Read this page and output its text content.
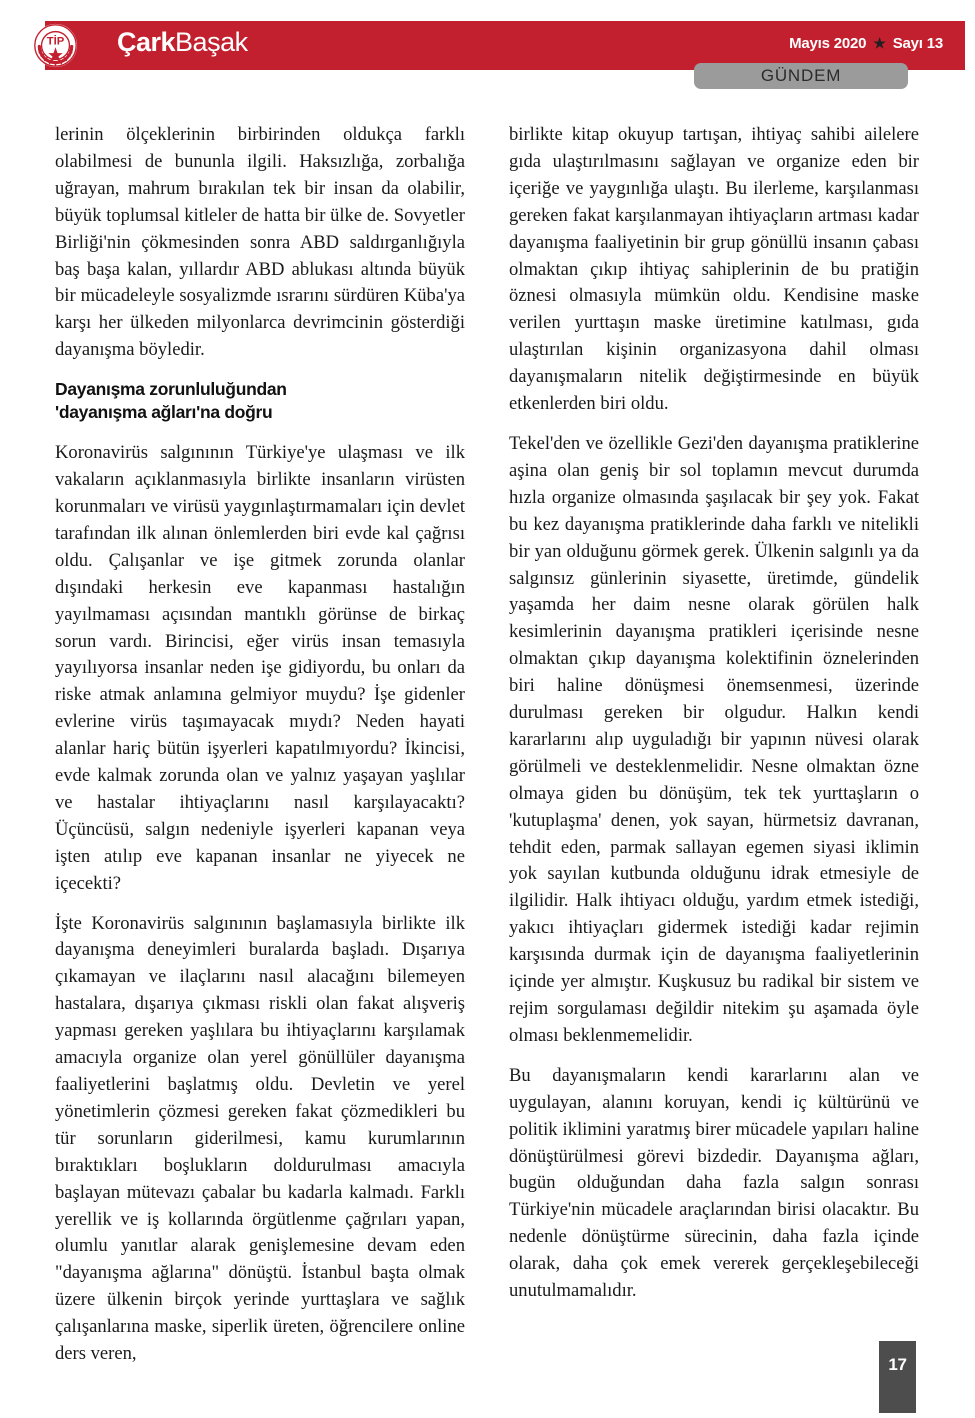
TİP ÇarkBaşak	Mayıs 2020 ★ Sayı 13
GÜNDEM

lerinin ölçeklerinin birbirinden oldukça farklı olabilmesi de bununla ilgili. Haksızlığa, zorbalığa uğrayan, mahrum bırakılan tek bir insan da olabilir, büyük toplumsal kitleler de hatta bir ülke de. Sovyetler Birliği'nin çökmesinden sonra ABD saldırganlığıyla baş başa kalan, yıllardır ABD ablukası altında büyük bir mücadeleyle sosyalizmde ısrarını sürdüren Küba'ya karşı her ülkeden milyonlarca devrimcinin gösterdiği dayanışma böyledir.

Dayanışma zorunluluğundan
'dayanışma ağları'na doğru

Koronavirüs salgınının Türkiye'ye ulaşması ve ilk vakaların açıklanmasıyla birlikte insanların virüsten korunmaları ve virüsü yaygınlaştırmamaları için devlet tarafından ilk alınan önlemlerden biri evde kal çağrısı oldu. Çalışanlar ve işe gitmek zorunda olanlar dışındaki herkesin eve kapanması hastalığın yayılmaması açısından mantıklı görünse de birkaç sorun vardı. Birincisi, eğer virüs insan temasıyla yayılıyorsa insanlar neden işe gidiyordu, bu onları da riske atmak anlamına gelmiyor muydu? İşe gidenler evlerine virüs taşımayacak mıydı? Neden hayati alanlar hariç bütün işyerleri kapatılmıyordu? İkincisi, evde kalmak zorunda olan ve yalnız yaşayan yaşlılar ve hastalar ihtiyaçlarını nasıl karşılayacaktı? Üçüncüsü, salgın nedeniyle işyerleri kapanan veya işten atılıp eve kapanan insanlar ne yiyecek ne içecekti?

İşte Koronavirüs salgınının başlamasıyla birlikte ilk dayanışma deneyimleri buralarda başladı. Dışarıya çıkamayan ve ilaçlarını nasıl alacağını bilemeyen hastalara, dışarıya çıkması riskli olan fakat alışveriş yapması gereken yaşlılara bu ihtiyaçlarını karşılamak amacıyla organize olan yerel gönüllüler dayanışma faaliyetlerini başlatmış oldu. Devletin ve yerel yönetimlerin çözmesi gereken fakat çözmedikleri bu tür sorunların giderilmesi, kamu kurumlarının bıraktıkları boşlukların doldurulması amacıyla başlayan mütevazı çabalar bu kadarla kalmadı. Farklı yerellik ve iş kollarında örgütlenme çağrıları yapan, olumlu yanıtlar alarak genişlemesine devam eden "dayanışma ağlarına" dönüştü. İstanbul başta olmak üzere ülkenin birçok yerinde yurttaşlara ve sağlık çalışanlarına maske, siperlik üreten, öğrencilere online ders veren,

birlikte kitap okuyup tartışan, ihtiyaç sahibi ailelere gıda ulaştırılmasını sağlayan ve organize eden bir içeriğe ve yaygınlığa ulaştı. Bu ilerleme, karşılanması gereken fakat karşılanmayan ihtiyaçların artması kadar dayanışma faaliyetinin bir grup gönüllü insanın çabası olmaktan çıkıp ihtiyaç sahiplerinin de bu pratiğin öznesi olmasıyla mümkün oldu. Kendisine maske verilen yurttaşın maske üretimine katılması, gıda ulaştırılan kişinin organizasyona dahil olması dayanışmaların nitelik değiştirmesinde en büyük etkenlerden biri oldu.

Tekel'den ve özellikle Gezi'den dayanışma pratiklerine aşina olan geniş bir sol toplamın mevcut durumda hızla organize olmasında şaşılacak bir şey yok. Fakat bu kez dayanışma pratiklerinde daha farklı ve nitelikli bir yan olduğunu görmek gerek. Ülkenin salgınlı ya da salgınsız günlerinin siyasette, üretimde, gündelik yaşamda her daim nesne olarak görülen halk kesimlerinin dayanışma pratikleri içerisinde nesne olmaktan çıkıp dayanışma kolektifinin öznelerinden biri haline dönüşmesi önemsenmesi, üzerinde durulması gereken bir olgudur. Halkın kendi kararlarını alıp uyguladığı bir yapının nüvesi olarak görülmeli ve desteklenmelidir. Nesne olmaktan özne olmaya giden bu dönüşüm, tek tek yurttaşların o 'kutuplaşma' denen, yok sayan, hürmetsiz davranan, tehdit eden, parmak sallayan egemen siyasi iklimin yok sayılan kutbunda olduğunu idrak etmesiyle de ilgilidir. Halk ihtiyacı olduğu, yardım etmek istediği, yakıcı ihtiyaçları gidermek istediği kadar rejimin karşısında durmak için de dayanışma faaliyetlerinin içinde yer almıştır. Kuşkusuz bu radikal bir sistem ve rejim sorgulaması değildir nitekim şu aşamada öyle olması beklenmemelidir.

Bu dayanışmaların kendi kararlarını alan ve uygulayan, alanını koruyan, kendi iç kültürünü ve politik iklimini yaratmış birer mücadele yapıları haline dönüştürülmesi görevi bizdedir. Dayanışma ağları, bugün olduğundan daha fazla salgın sonrası Türkiye'nin mücadele araçlarından birisi olacaktır. Bu nedenle dönüştürme sürecinin, daha fazla içinde olarak, daha çok emek vererek gerçekleşebileceği unutulmamalıdır.

17
